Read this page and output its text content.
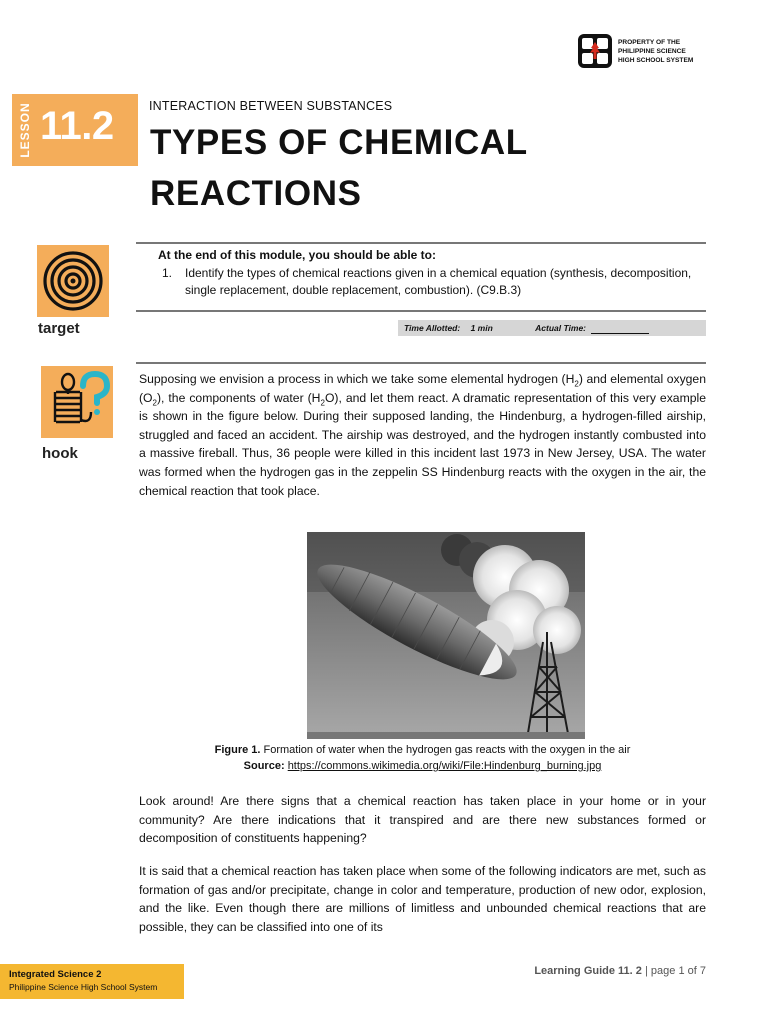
PROPERTY OF THE
PHILIPPINE SCIENCE
HIGH SCHOOL SYSTEM
LESSON 11.2	INTERACTION BETWEEN SUBSTANCES
TYPES OF CHEMICAL
REACTIONS
target
At the end of this module, you should be able to:
1. Identify the types of chemical reactions given in a chemical equation (synthesis, decomposition, single replacement, double replacement, combustion). (C9.B.3)
Time Allotted: 1 min	Actual Time:
hook
Supposing we envision a process in which we take some elemental hydrogen $(H_2)$ and elemental oxygen $(O_2)$, the components of water $(H_2O)$, and let them react. A dramatic representation of this very example is shown in the figure below. During their supposed landing, the Hindenburg, a hydrogen-filled airship, struggled and faced an accident. The airship was destroyed, and the hydrogen instantly combusted into a massive fireball. Thus, 36 people were killed in this incident last 1973 in New Jersey, USA. The water was formed when the hydrogen gas in the zeppelin SS Hindenburg reacts with the oxygen in the air, the chemical reaction that took place.
Figure 1. Formation of water when the hydrogen gas reacts with the oxygen in the air
Source: https://commons.wikimedia.org/wiki/File:Hindenburg_burning.jpg
Look around! Are there signs that a chemical reaction has taken place in your home or in your community? Are there indications that it transpired and are there new substances formed or decomposition of constituents happening?
It is said that a chemical reaction has taken place when some of the following indicators are met, such as formation of gas and/or precipitate, change in color and temperature, production of new odor, explosion, and the like. Even though there are millions of limitless and unbounded chemical reactions that are possible, they can be classified into one of its
Integrated Science 2
Philippine Science High School System
Learning Guide 11. 2 | page 1 of 7
